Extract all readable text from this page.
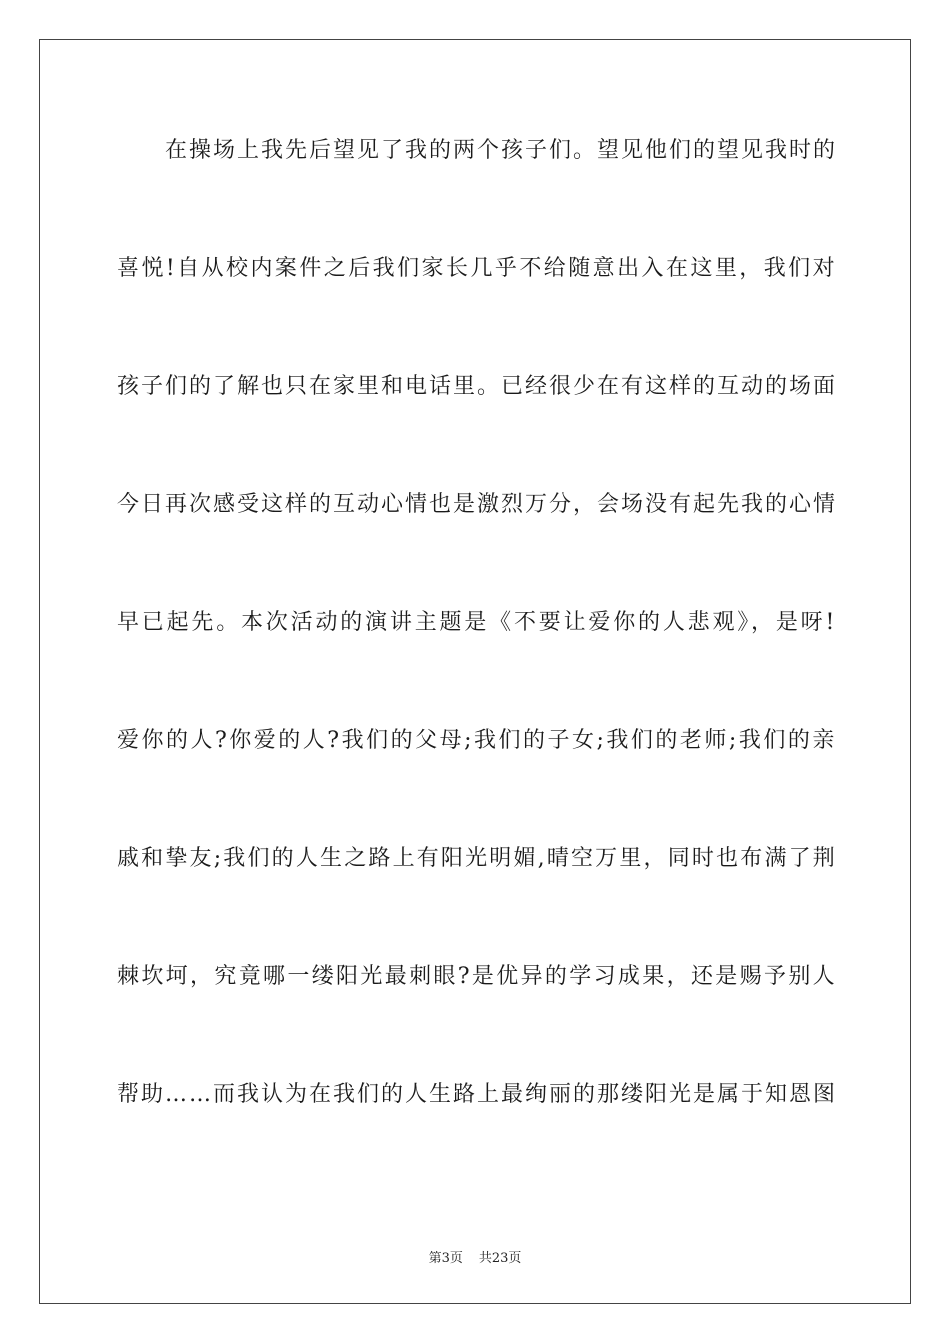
在操场上我先后望见了我的两个孩子们。望见他们的望见我时的
喜悦!自从校内案件之后我们家长几乎不给随意出入在这里，我们对
孩子们的了解也只在家里和电话里。已经很少在有这样的互动的场面
今日再次感受这样的互动心情也是激烈万分，会场没有起先我的心情
早已起先。本次活动的演讲主题是《不要让爱你的人悲观》，是呀!
爱你的人?你爱的人?我们的父母;我们的子女;我们的老师;我们的亲
戚和挚友;我们的人生之路上有阳光明媚,晴空万里，同时也布满了荆
棘坎坷，究竟哪一缕阳光最刺眼?是优异的学习成果，还是赐予别人
帮助……而我认为在我们的人生路上最绚丽的那缕阳光是属于知恩图
第3页 共23页
